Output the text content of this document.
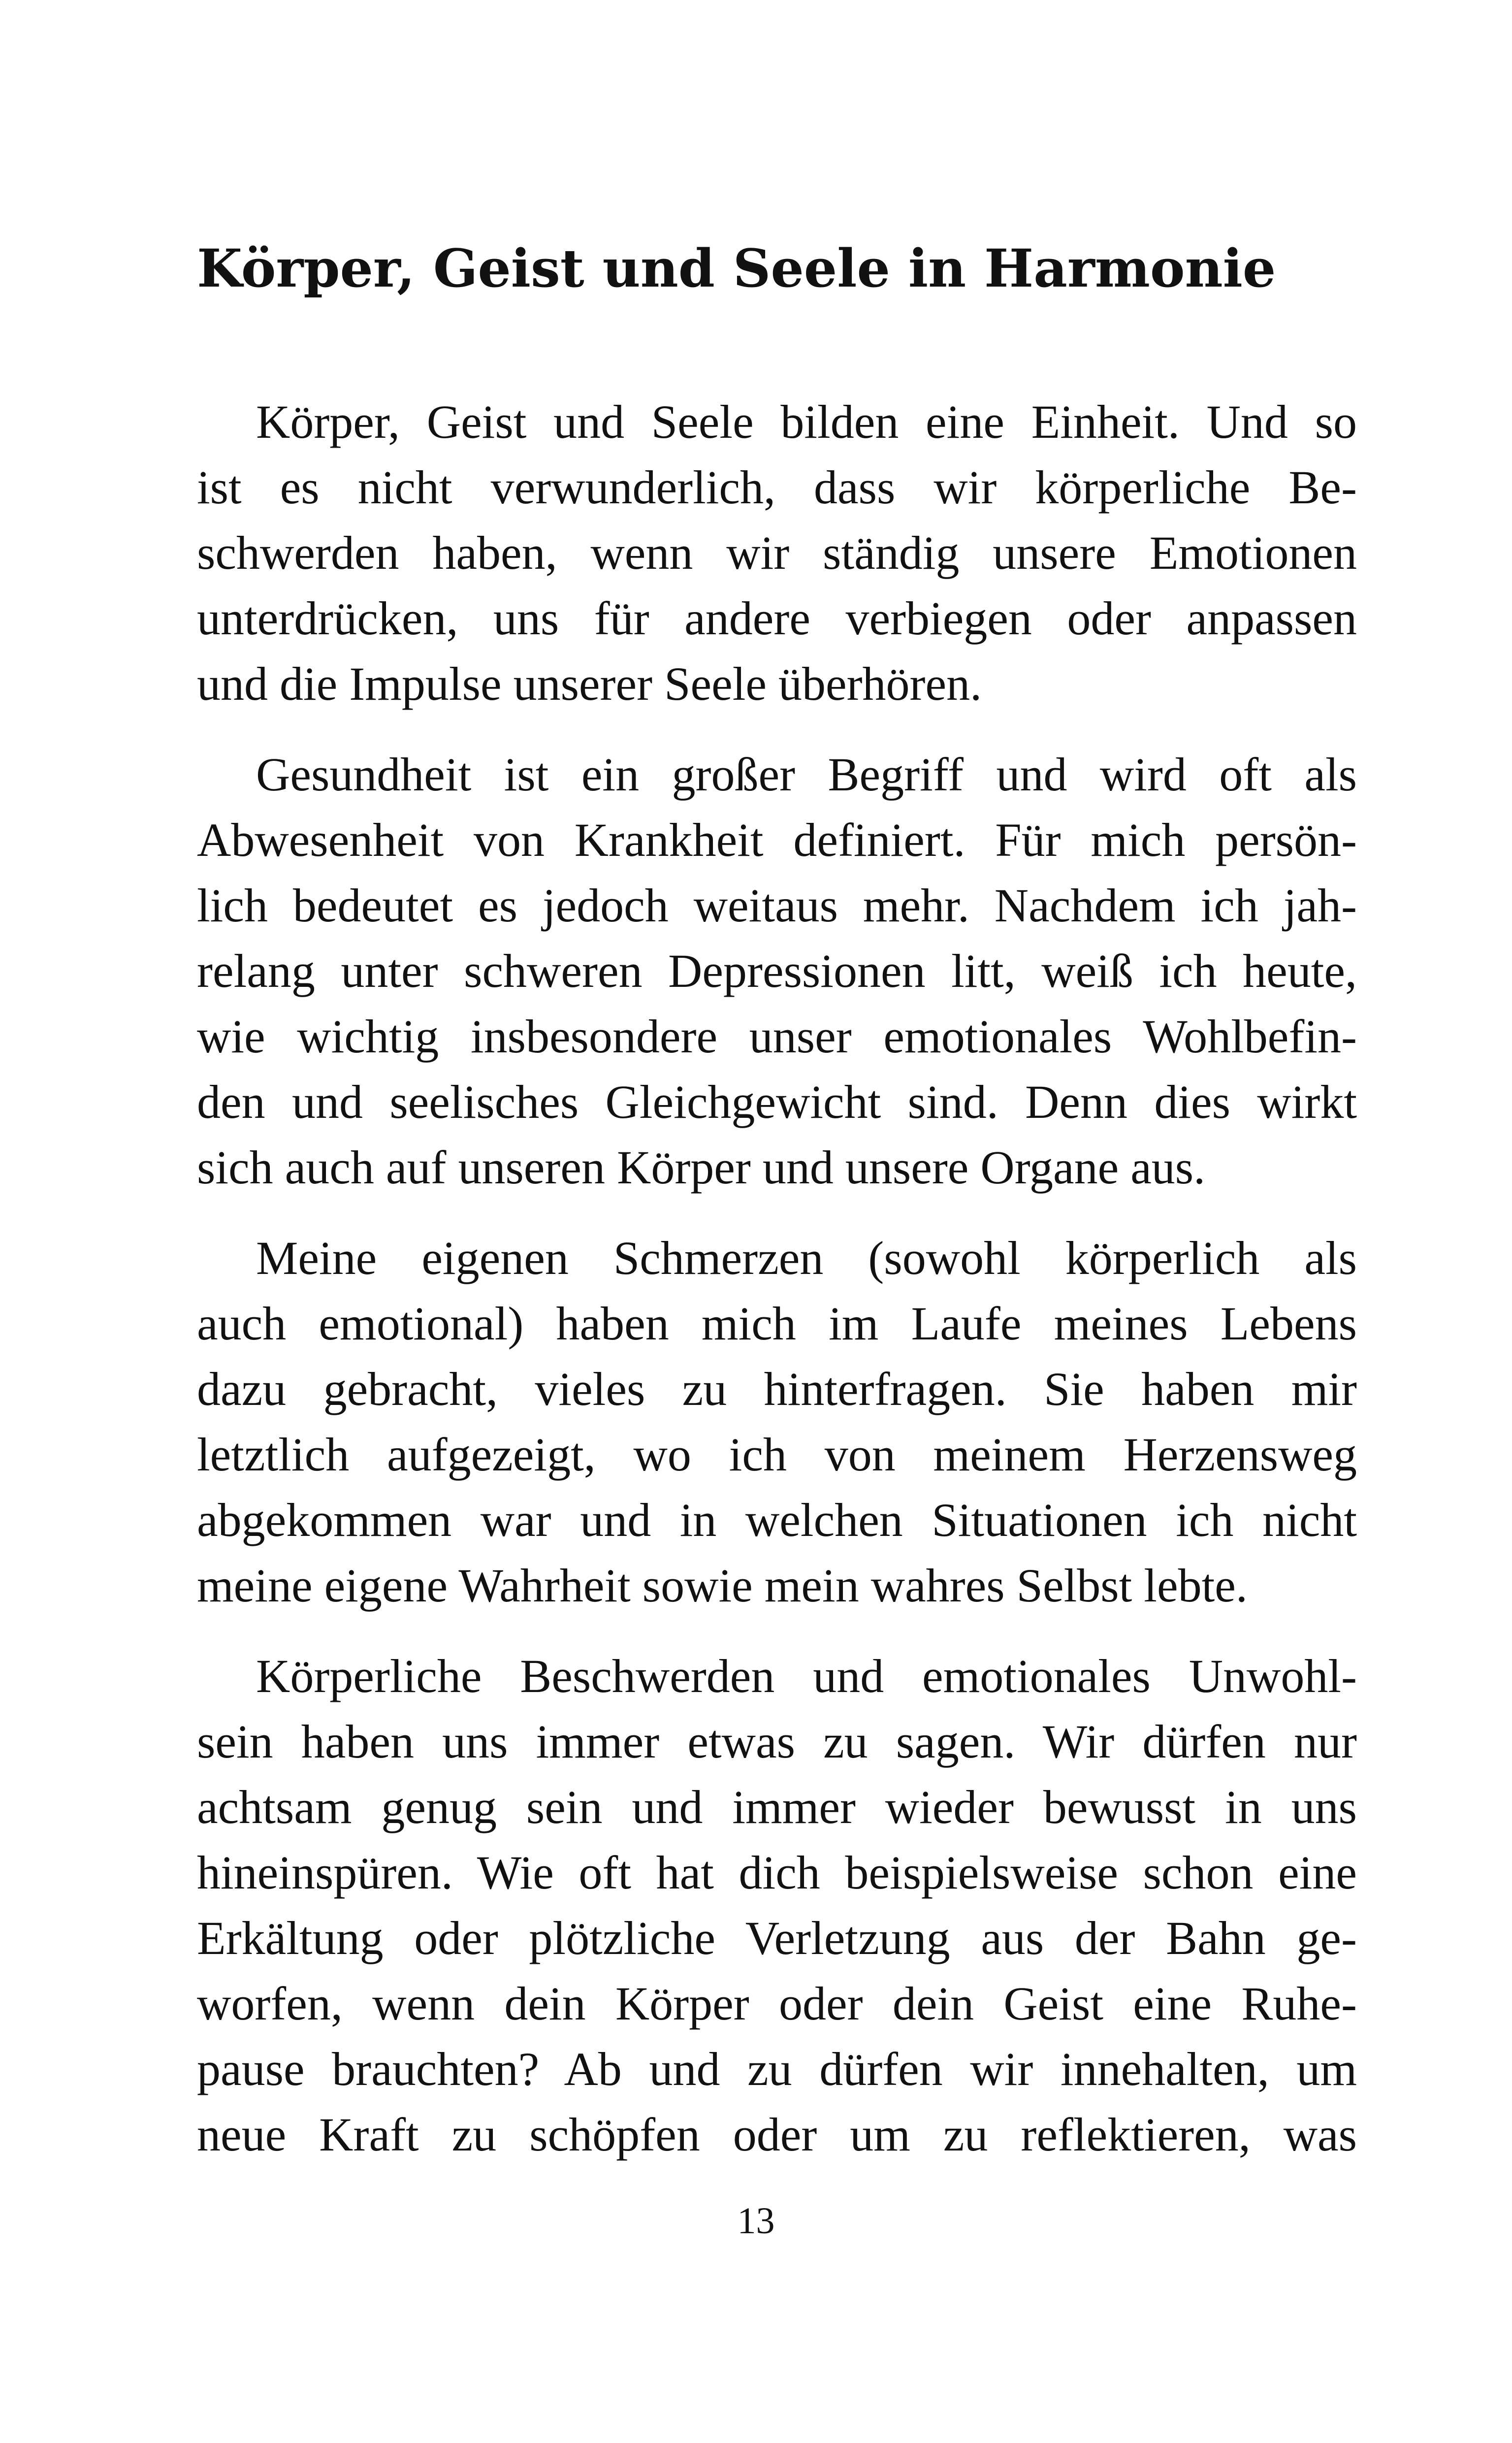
Körper, Geist und Seele in Harmonie
Körper, Geist und Seele bilden eine Einheit. Und so
ist es nicht verwunderlich, dass wir körperliche Be-
schwerden haben, wenn wir ständig unsere Emotionen
unterdrücken, uns für andere verbiegen oder anpassen
und die Impulse unserer Seele überhören.
Gesundheit ist ein großer Begriff und wird oft als
Abwesenheit von Krankheit definiert. Für mich persön-
lich bedeutet es jedoch weitaus mehr. Nachdem ich jah-
relang unter schweren Depressionen litt, weiß ich heute,
wie wichtig insbesondere unser emotionales Wohlbefin-
den und seelisches Gleichgewicht sind. Denn dies wirkt
sich auch auf unseren Körper und unsere Organe aus.
Meine eigenen Schmerzen (sowohl körperlich als
auch emotional) haben mich im Laufe meines Lebens
dazu gebracht, vieles zu hinterfragen. Sie haben mir
letztlich aufgezeigt, wo ich von meinem Herzensweg
abgekommen war und in welchen Situationen ich nicht
meine eigene Wahrheit sowie mein wahres Selbst lebte.
Körperliche Beschwerden und emotionales Unwohl-
sein haben uns immer etwas zu sagen. Wir dürfen nur
achtsam genug sein und immer wieder bewusst in uns
hineinspüren. Wie oft hat dich beispielsweise schon eine
Erkältung oder plötzliche Verletzung aus der Bahn ge-
worfen, wenn dein Körper oder dein Geist eine Ruhe-
pause brauchten? Ab und zu dürfen wir innehalten, um
neue Kraft zu schöpfen oder um zu reflektieren, was
13
